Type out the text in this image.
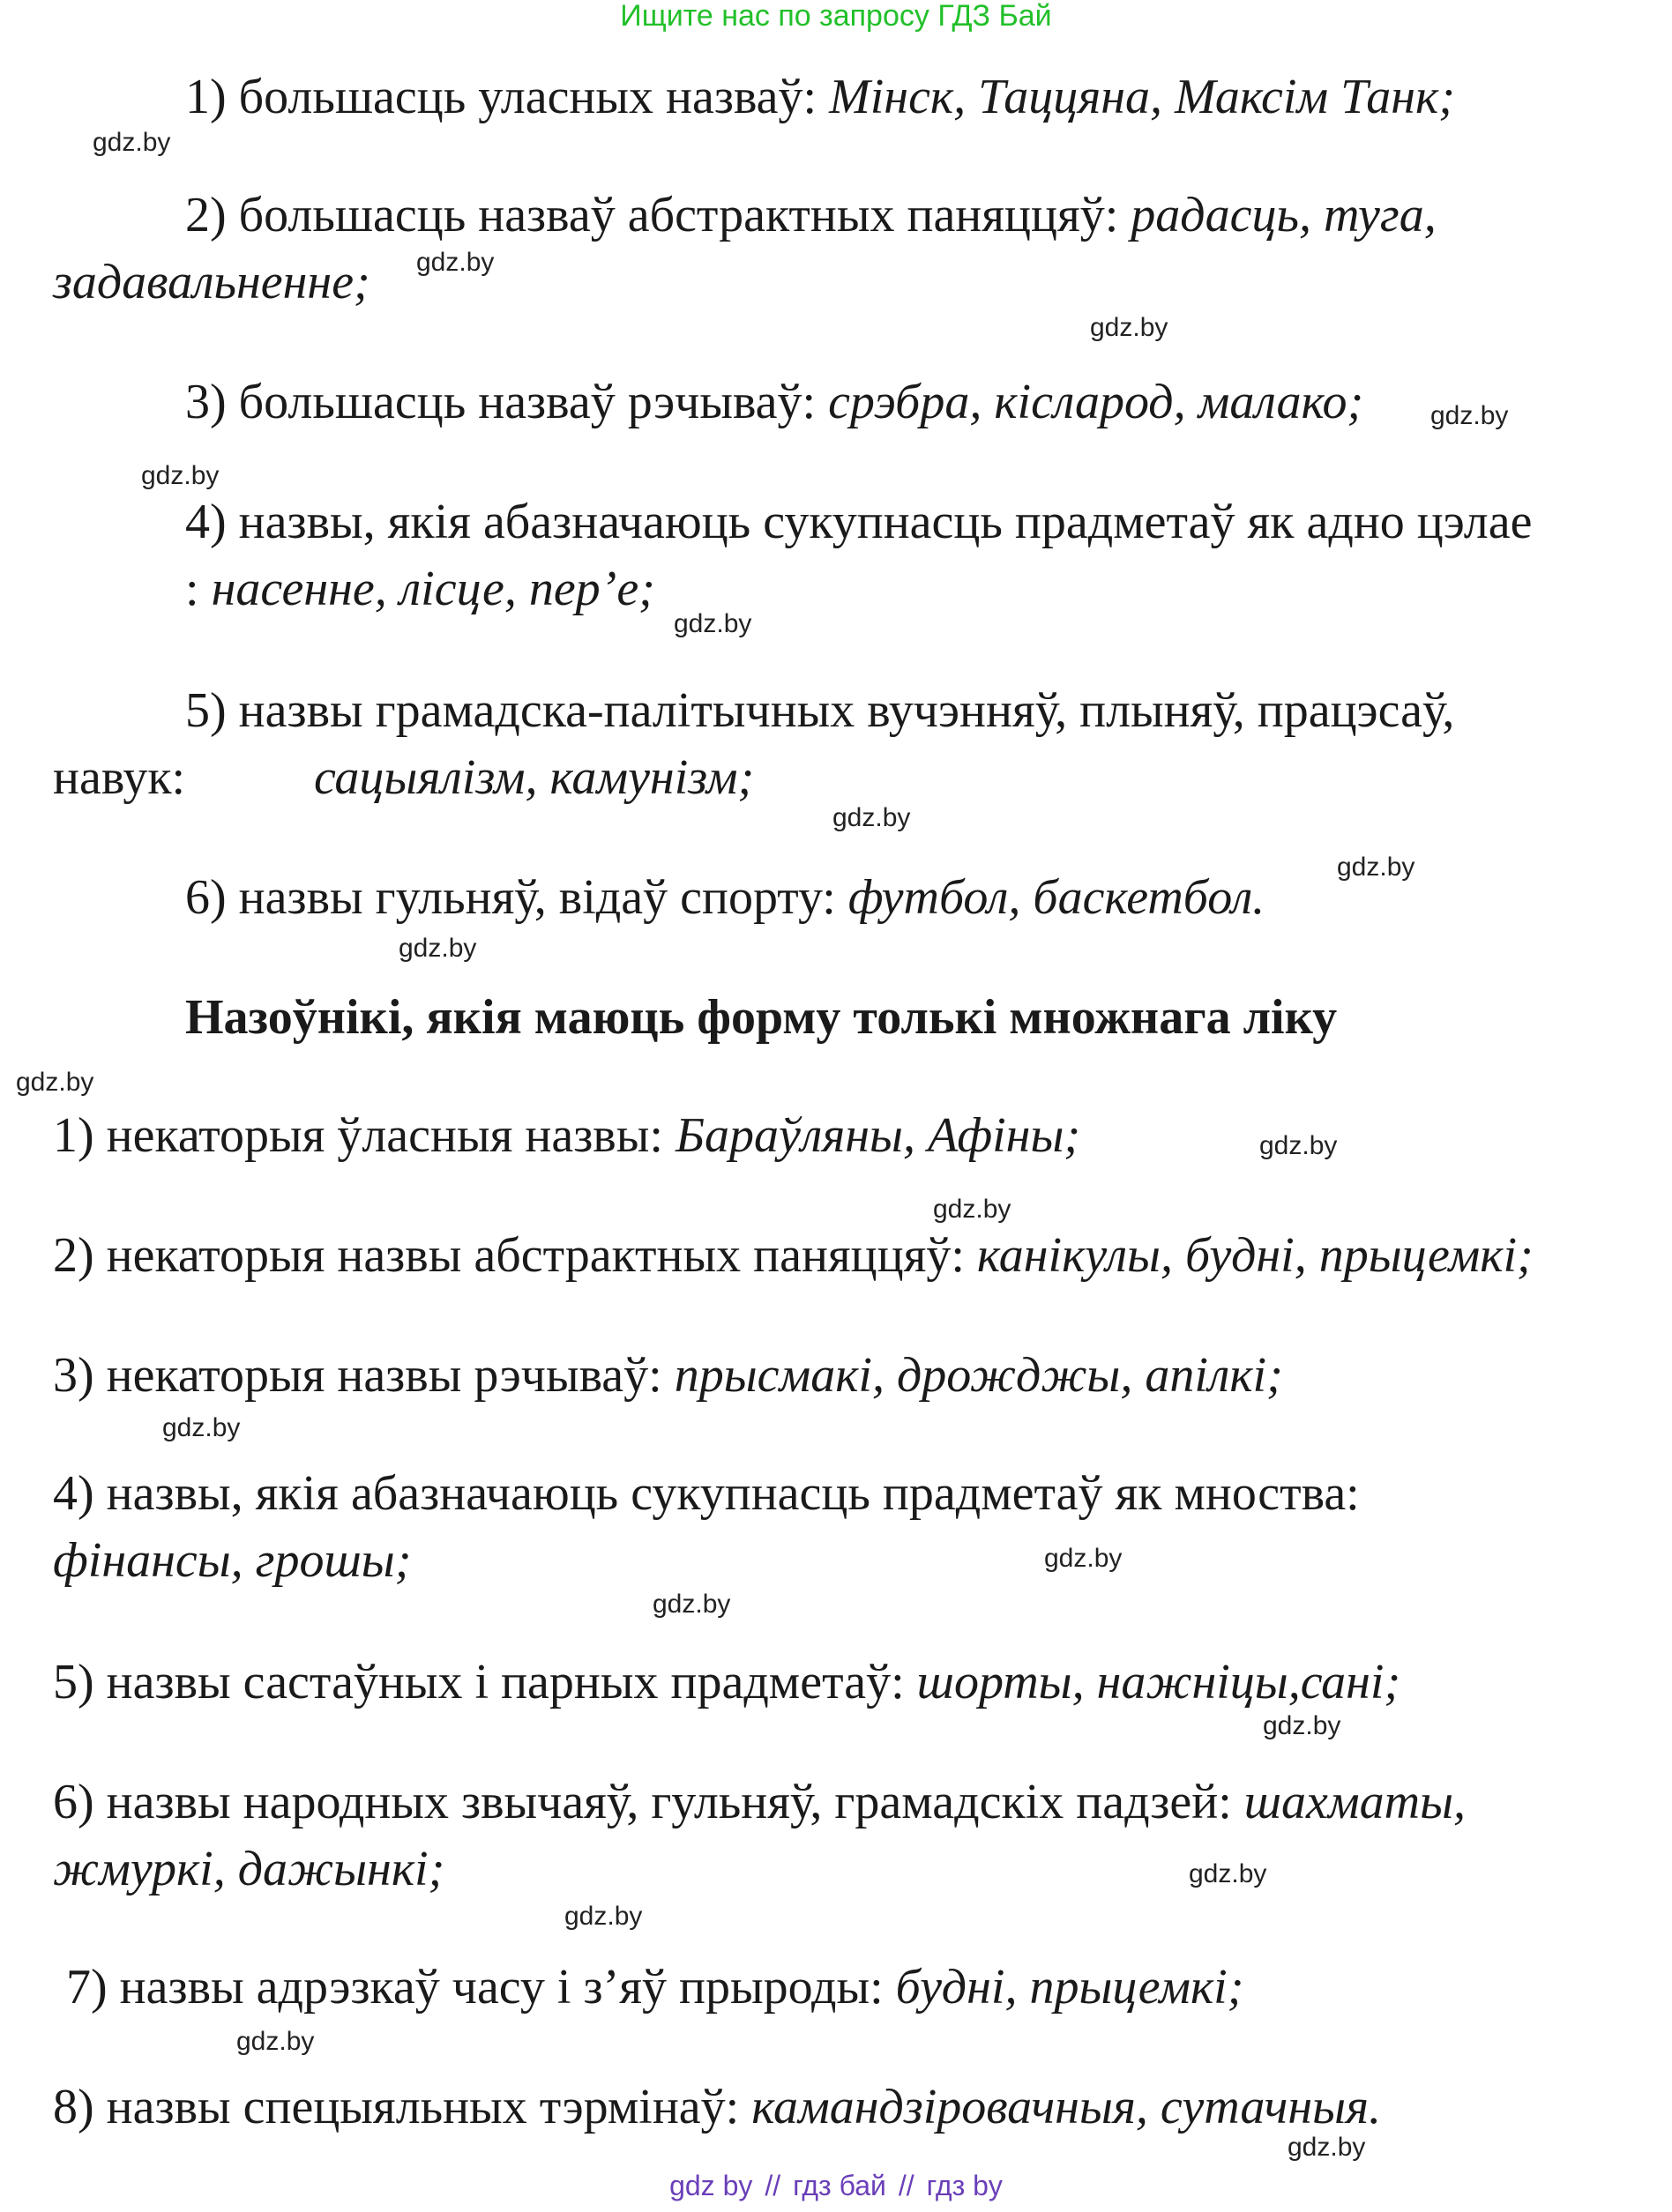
Ищите нас по запросу ГДЗ Бай
1) большасць уласных назваў: Мінск, Таццяна, Максім Танк;
2) большасць назваў абстрактных паняццяў: радасць, туга,
задавальненне;
3) большасць назваў рэчываў: срэбра, кісларод, малако;
4) назвы, якія абазначаюць сукупнасць прадметаў як адно цэлае
: насенне, лісце, пер’е;
5) назвы грамадска-палітычных вучэнняў, плыняў, працэсаў,
навук:	сацыялізм, камунізм;
6) назвы гульняў, відаў спорту: футбол, баскетбол.
Назоўнікі, якія маюць форму толькі множнага ліку
1) некаторыя ўласныя назвы: Бараўляны, Афіны;
2) некаторыя назвы абстрактных паняццяў: канікулы, будні, прыцемкі;
3) некаторыя назвы рэчываў: прысмакі, дрожджы, апілкі;
4) назвы, якія абазначаюць сукупнасць прадметаў як мноства:
фінансы, грошы;
5) назвы састаўных і парных прадметаў: шорты, нажніцы,сані;
6) назвы народных звычаяў, гульняў, грамадскіх падзей: шахматы,
жмуркі, дажынкі;
7) назвы адрэзкаў часу і з’яў прыроды: будні, прыцемкі;
8) назвы спецыяльных тэрмінаў: камандзіровачныя, сутачныя.
gdz.by
gdz.by
gdz.by
gdz.by
gdz.by
gdz.by
gdz.by
gdz.by
gdz.by
gdz.by
gdz.by
gdz.by
gdz.by
gdz.by
gdz.by
gdz.by
gdz.by
gdz.by
gdz.by
gdz.by
gdz by // гдз бай // гдз by
